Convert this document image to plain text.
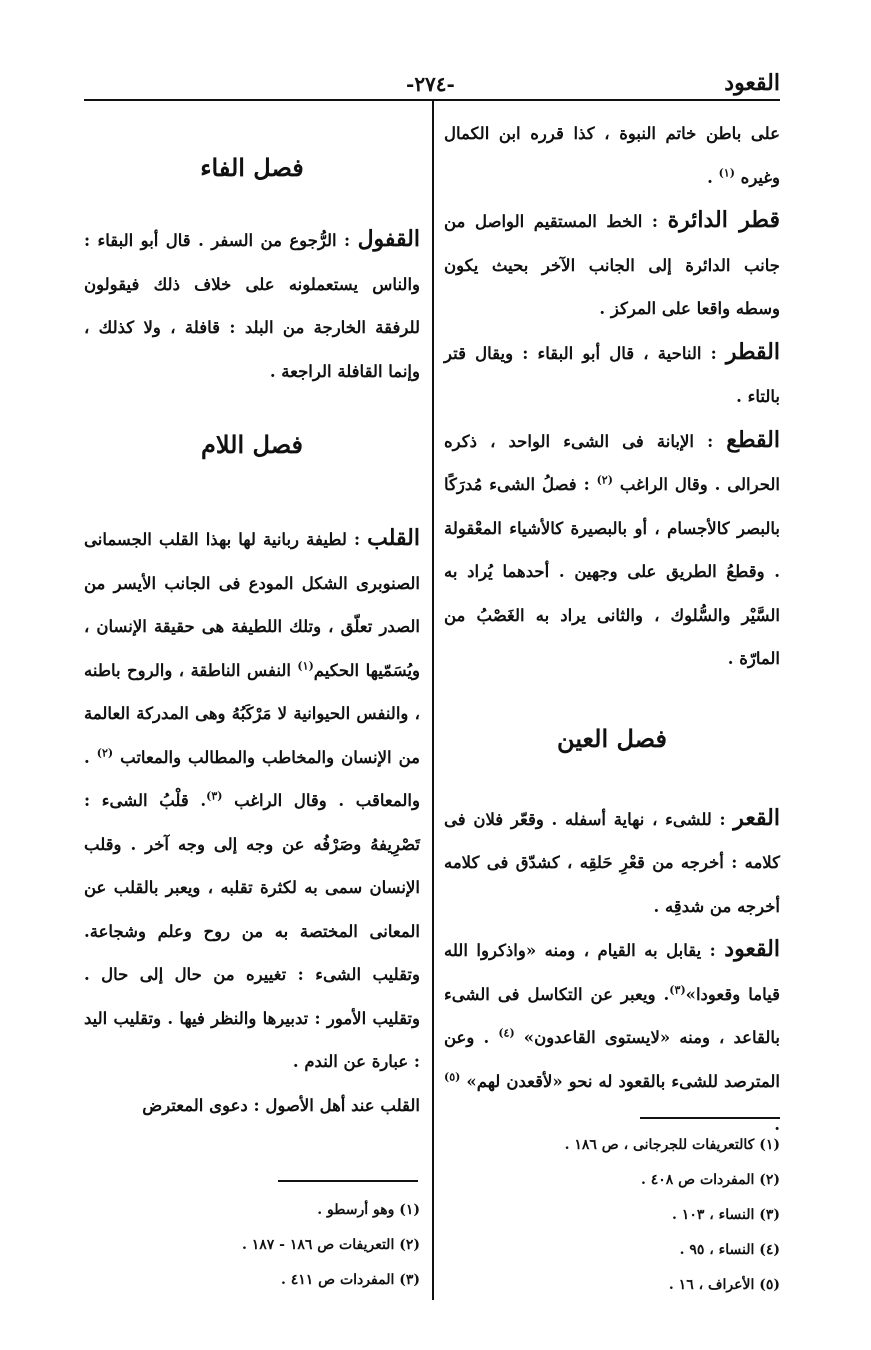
القعود
-٢٧٤-

على باطن خاتم النبوة ، كذا قرره ابن الكمال وغيره $^{(١)}$ .

قطر الدائرة : الخط المستقيم الواصل من جانب الدائرة إلى الجانب الآخر بحيث يكون وسطه واقعا على المركز .

القطر : الناحية ، قال أبو البقاء : ويقال قتر بالتاء .

القطع : الإبانة فى الشىء الواحد ، ذكره الحرالى . وقال الراغب $^{(٢)}$ : فصلُ الشىء مُدرَكًا بالبصر كالأجسام ، أو بالبصيرة كالأشياء المعْقولة . وقطعُ الطريق على وجهين . أحدهما يُراد به السَّيْر والسُّلوك ، والثانى يراد به الغَصْبُ من المارّة .

فصل العين

القعر : للشىء ، نهاية أسفله . وقعّر فلان فى كلامه : أخرجه من قعْرِ حَلقِه ، كشدّق فى كلامه أخرجه من شدقِه .

القعود : يقابل به القيام ، ومنه «واذكروا الله قياما وقعودا»$^{(٣)}$. ويعبر عن التكاسل فى الشىء بالقاعد ، ومنه «لايستوى القاعدون» $^{(٤)}$ . وعن المترصد للشىء بالقعود له نحو «لأقعدن لهم» $^{(٥)}$ .

(١) كالتعريفات للجرجانى ، ص ١٨٦ .
(٢) المفردات ص ٤٠٨ .
(٣) النساء ، ١٠٣ .
(٤) النساء ، ٩٥ .
(٥) الأعراف ، ١٦ .
فصل الفاء

القفول : الرُّجوع من السفر . قال أبو البقاء : والناس يستعملونه على خلاف ذلك فيقولون للرفقة الخارجة من البلد : قافلة ، ولا كذلك ، وإنما القافلة الراجعة .

فصل اللام

القلب : لطيفة ربانية لها بهذا القلب الجسمانى الصنوبرى الشكل المودع فى الجانب الأيسر من الصدر تعلّق ، وتلك اللطيفة هى حقيقة الإنسان ، ويُسَمّيها الحكيم$^{(١)}$ النفس الناطقة ، والروح باطنه ، والنفس الحيوانية لا مَرْكَبُهُ وهى المدركة العالمة من الإنسان والمخاطب والمطالب والمعاتب $^{(٢)}$ . والمعاقب . وقال الراغب $^{(٣)}$. قلْبُ الشىء : تَصْرِيفهُ وصَرْفُه عن وجه إلى وجه آخر . وقلب الإنسان سمى به لكثرة تقلبه ، ويعبر بالقلب عن المعانى المختصة به من روح وعلم وشجاعة. وتقليب الشىء : تغييره من حال إلى حال . وتقليب الأمور : تدبيرها والنظر فيها . وتقليب اليد : عبارة عن الندم .

القلب عند أهل الأصول : دعوى المعترض

(١) وهو أرسطو .
(٢) التعريفات ص ١٨٦ - ١٨٧ .
(٣) المفردات ص ٤١١ .
